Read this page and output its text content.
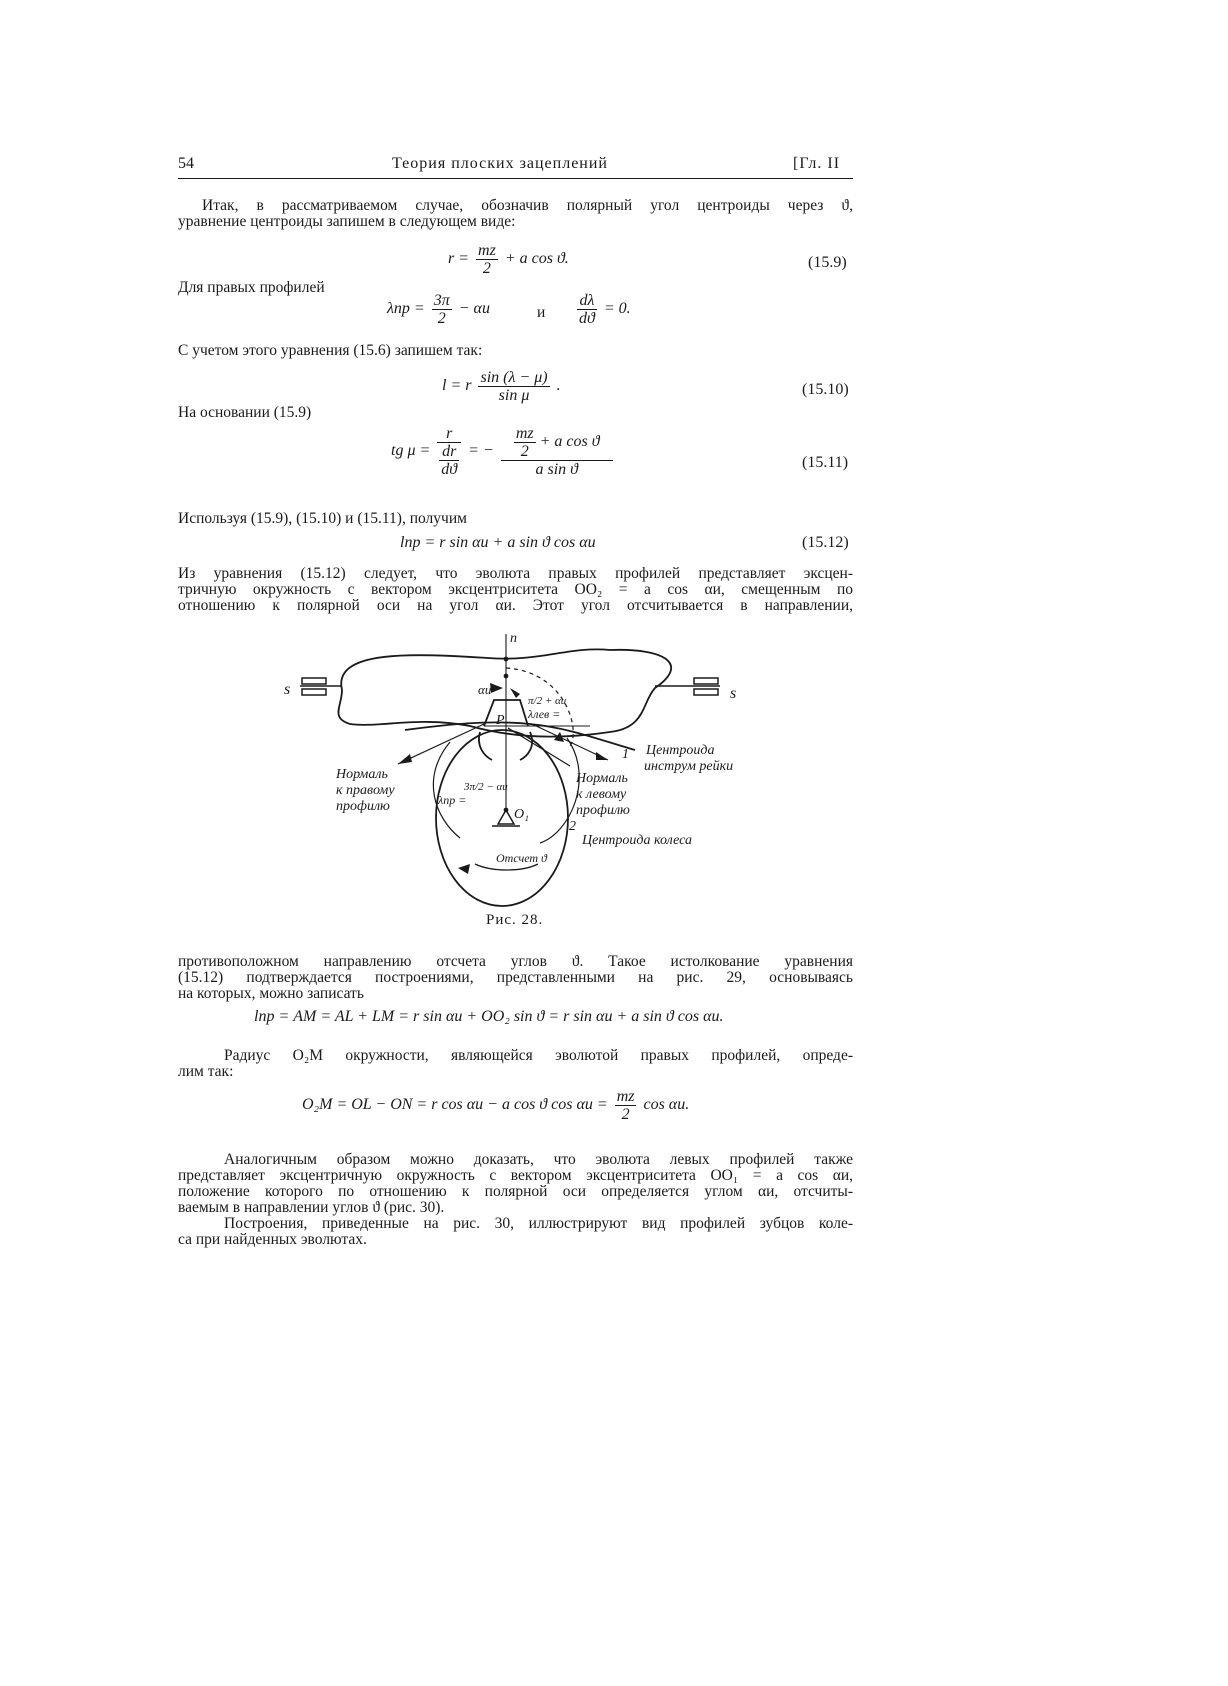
54	Теория плоских зацеплений	[Гл. II
Итак, в рассматриваемом случае, обозначив полярный угол центроиды через ϑ,
уравнение центроиды запишем в следующем виде:
$r = \frac{mz}{2} + a$ cos ϑ.	(15.9)
Для правых профилей
$\lambda пр = \frac{3\pi}{2} - \alpha и$	и $\frac{d\lambda}{dϑ} = 0$.
С учетом этого уравнения (15.6) запишем так:
l = r $\frac{\sin (\lambda - \mu)}{\text{sin μ}}$ .	(15.10)
На основании (15.9)
tg $\mu = \frac{r}{\frac{dr}{dϑ}}$ = − $\frac{\frac{mz}{2} + a \cos ϑ}{\text{a sin ϑ}}$	(15.11)
Используя (15.9), (15.10) и (15.11), получим
lпр = r sin αи + a sin ϑ cos αи	(15.12)
Из уравнения (15.12) следует, что эволюта правых профилей представляет эксцен-
тричную окружность с вектором эксцентриситета OO₂ = a cos αи, смещенным по
отношению к полярной оси на угол αи. Этот угол отсчитывается в направлении,
n
s	s
αи
λлев =
π/2 + αи
P
1
2
O₁
Центроида
инструм рейки
Нормаль
к правому
профилю
Нормаль
к левому
профилю
λпр =
3π/2 − αи
Центроида колеса
Отсчет ϑ
Рис. 28.
противоположном направлению отсчета углов ϑ. Такое истолкование уравнения
(15.12) подтверждается построениями, представленными на рис. 29, основываясь
на которых, можно записать
lпр = AM = AL + LM = r sin αи + OO₂ sin ϑ = r sin αи + a sin ϑ cos αи.
Радиус O₂M окружности, являющейся эволютой правых профилей, опреде-
лим так:
O₂M = OL − ON = r cos αи − a cos ϑ $\cos \alpha и = \frac{mz}{2}$ cos αи.
Аналогичным образом можно доказать, что эволюта левых профилей также
представляет эксцентричную окружность с вектором эксцентриситета OO₁ = a cos αи,
положение которого по отношению к полярной оси определяется углом αи, отсчиты-
ваемым в направлении углов ϑ (рис. 30).
Построения, приведенные на рис. 30, иллюстрируют вид профилей зубцов коле-
са при найденных эволютах.
